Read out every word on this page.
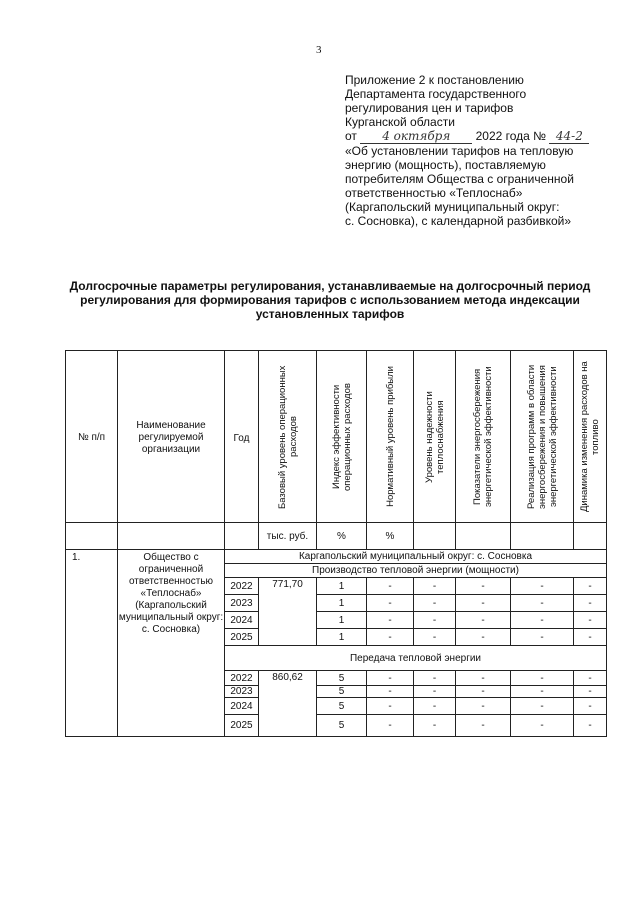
3
Приложение 2 к постановлению
Департамента государственного
регулирования цен и тарифов
Курганской области
от 4 октября 2022 года № 44-2
«Об установлении тарифов на тепловую
энергию (мощность), поставляемую
потребителям Общества с ограниченной
ответственностью «Теплоснаб»
(Каргапольский муниципальный округ:
с. Сосновка), с календарной разбивкой»
Долгосрочные параметры регулирования, устанавливаемые на долгосрочный период регулирования для формирования тарифов с использованием метода индексации установленных тарифов
№ п/п	Наименование регулируемой организации	Год	Базовый уровень операционных расходов	Индекс эффективности операционных расходов	Нормативный уровень прибыли	Уровень надежности теплоснабжения	Показатели энергосбережения энергетической эффективности	Реализация программ в области энергосбережения и повышения энергетической эффективности	Динамика изменения расходов на топливо

			тыс. руб.	%	%				
1.	Общество с ограниченной ответственностью «Теплоснаб» (Каргапольский муниципальный округ: с. Сосновка)	Каргапольский муниципальный округ: с. Сосновка							
		Производство тепловой энергии (мощности)							
		2022	771,70	1	-	-	-	-	-
		2023		1	-	-	-	-	-
		2024		1	-	-	-	-	-
		2025		1	-	-	-	-	-
		Передача тепловой энергии							
		2022	860,62	5	-	-	-	-	-
		2023		5	-	-	-	-	-
		2024		5	-	-	-	-	-
		2025		5	-	-	-	-	-
